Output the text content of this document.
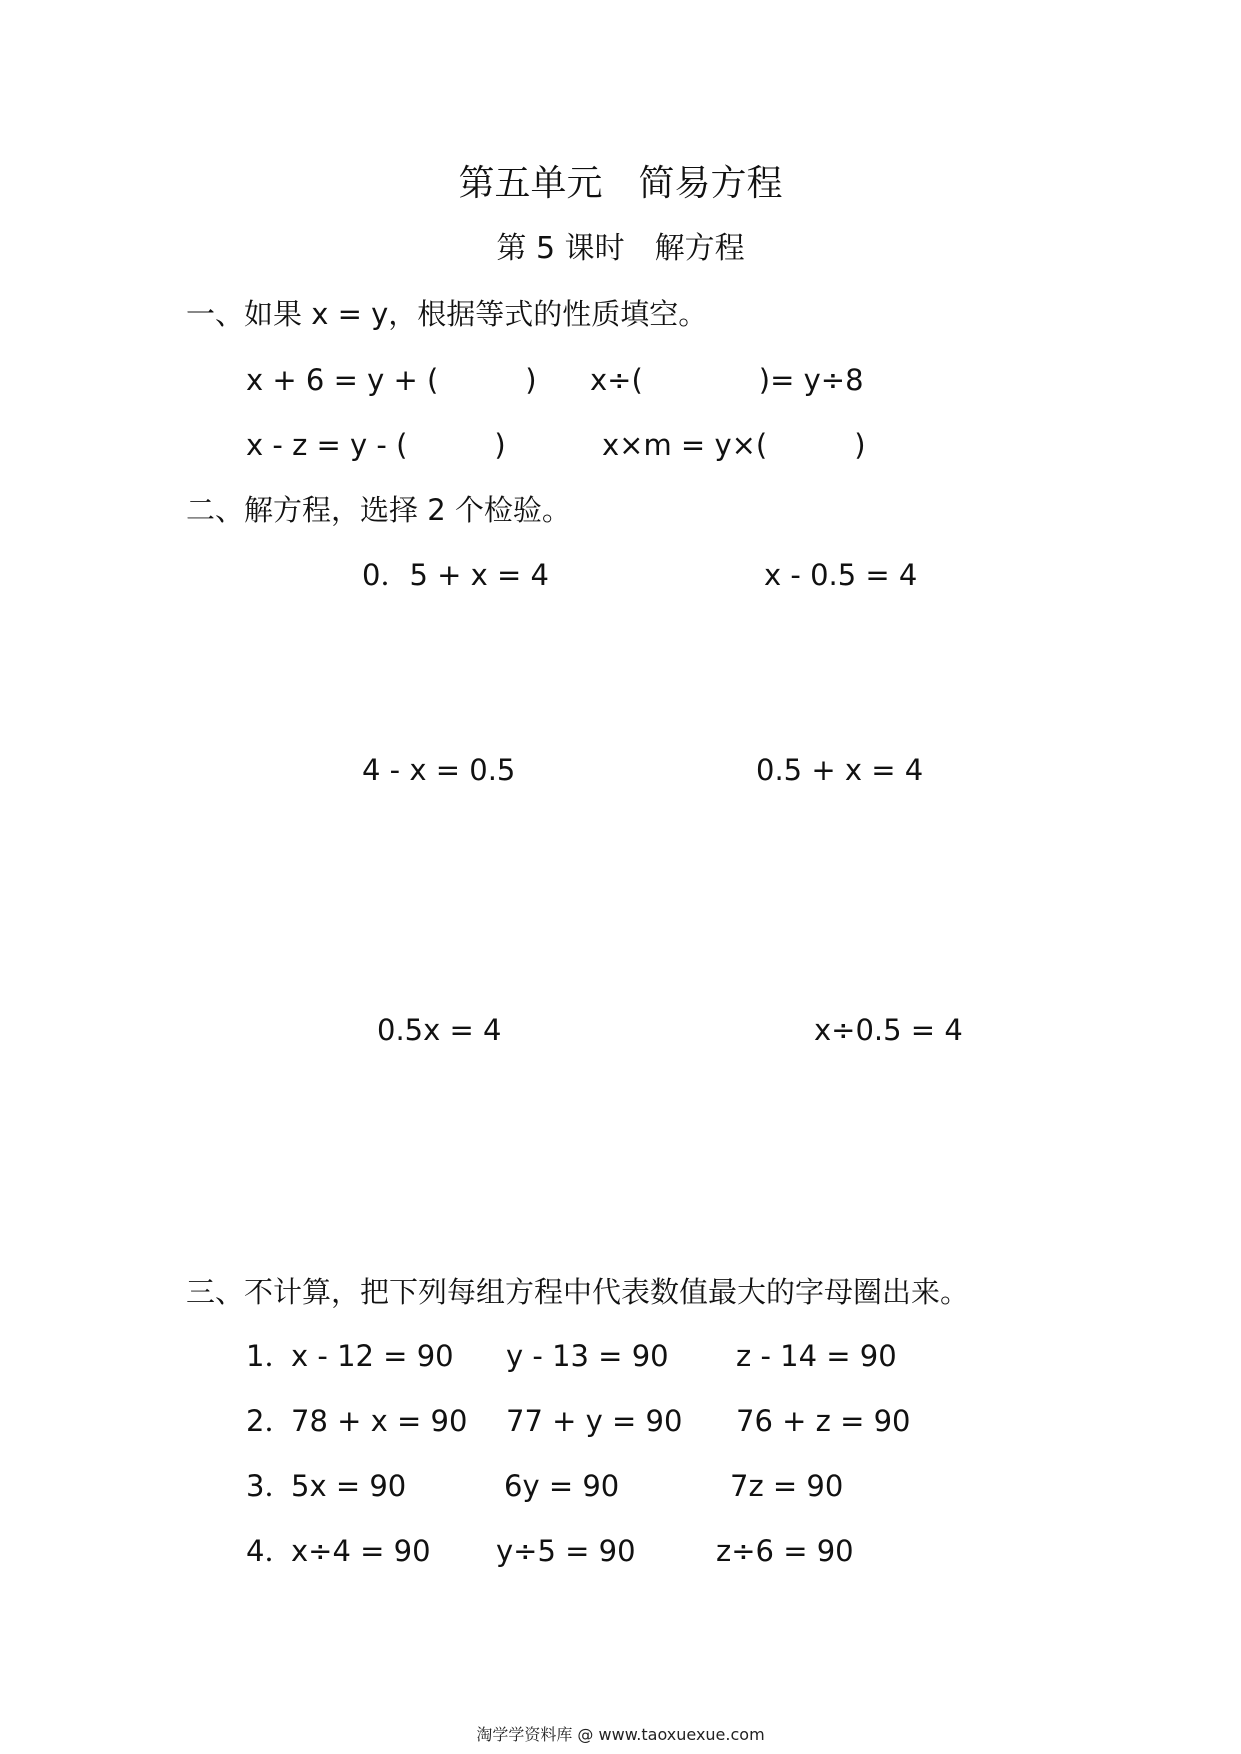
第五单元　简易方程
第 5 课时　解方程
一、如果 x = y，根据等式的性质填空。
x + 6 = y + (　　　) x÷(　　　　)= y÷8
x - z = y - (　　　)	x×m = y×(　　　)
二、解方程，选择 2 个检验。
0．5 + x = 4	x - 0.5 = 4
4 - x = 0.5	0.5 + x = 4
0.5x = 4	x÷0.5 = 4
三、不计算，把下列每组方程中代表数值最大的字母圈出来。
1．
x - 12 = 90 y - 13 = 90 z - 14 = 90
2．
78 + x = 90 77 + y = 90 76 + z = 90
3．
5x = 90	6y = 90	7z = 90
4．
x÷4 = 90 y÷5 = 90	z÷6 = 90
淘学学资料库 @ www.taoxuexue.com
